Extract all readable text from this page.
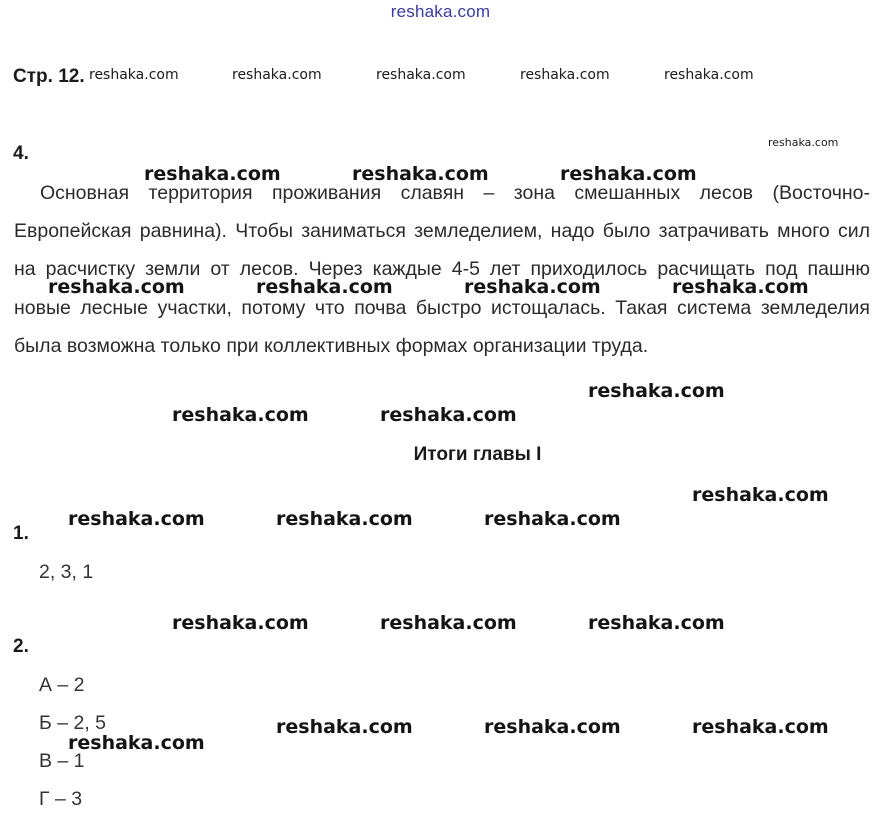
reshaka.com
Стр. 12.
4.

Основная территория проживания славян – зона смешанных лесов (Восточно-Европейская равнина). Чтобы заниматься земледелием, надо было затрачивать много сил на расчистку земли от лесов. Через каждые 4-5 лет приходилось расчищать под пашню новые лесные участки, потому что почва быстро истощалась. Такая система земледелия была возможна только при коллективных формах организации труда.

Итоги главы I
1.
2, 3, 1
2.
А – 2
Б – 2, 5
В – 1
Г – 3
reshaka.com	reshaka.com	reshaka.com	reshaka.com	reshaka.com
reshaka.com
reshaka.com	reshaka.com	reshaka.com
reshaka.com	reshaka.com	reshaka.com	reshaka.com
reshaka.com
reshaka.com	reshaka.com
reshaka.com
reshaka.com	reshaka.com	reshaka.com
reshaka.com	reshaka.com	reshaka.com
reshaka.com	reshaka.com	reshaka.com
reshaka.com
